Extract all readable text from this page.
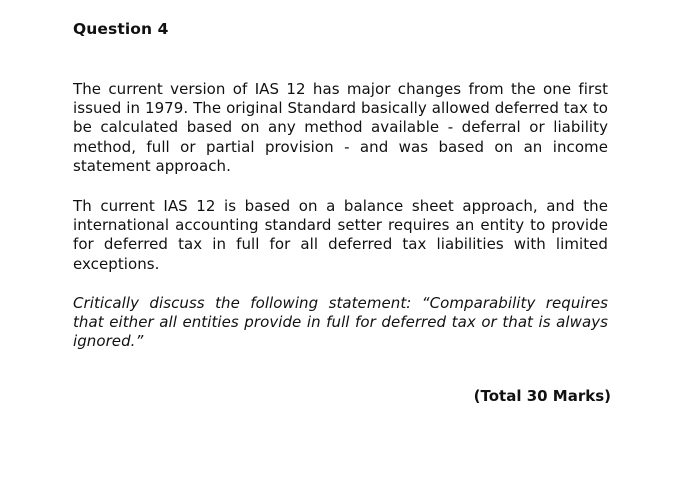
Question 4

The current version of IAS 12 has major changes from the one first issued in 1979. The original Standard basically allowed deferred tax to be calculated based on any method available - deferral or liability method, full or partial provision - and was based on an income statement approach.

Th current IAS 12 is based on a balance sheet approach, and the international accounting standard setter requires an entity to provide for deferred tax in full for all deferred tax liabilities with limited exceptions.

Critically discuss the following statement: “Comparability requires that either all entities provide in full for deferred tax or that is always ignored.”

(Total 30 Marks)
